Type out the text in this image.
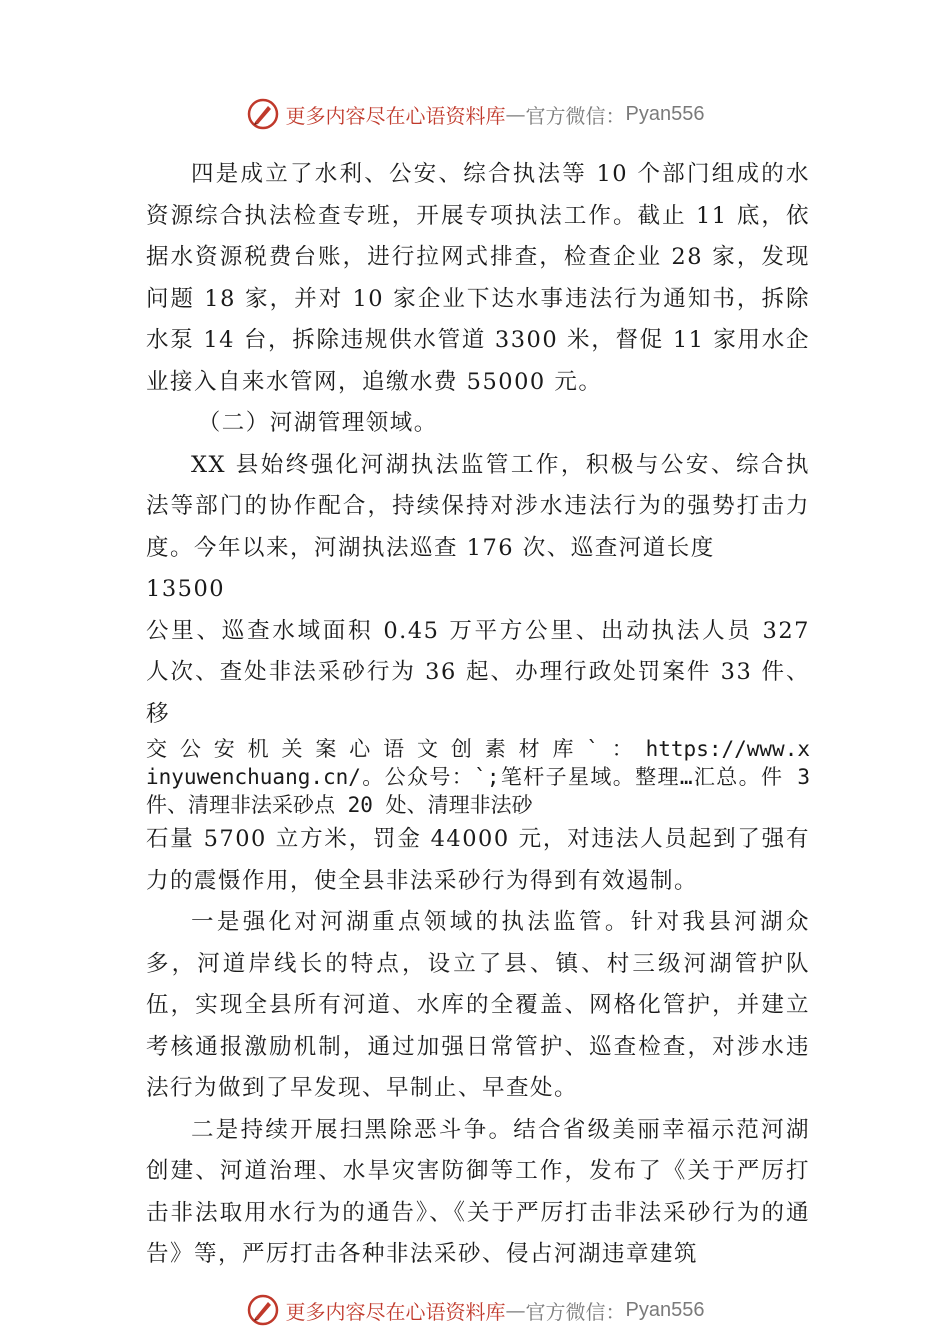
更多内容尽在心语资料库 — 官方微信： Pyan556

四是成立了水利、公安、综合执法等 10 个部门组成的水资源综合执法检查专班，开展专项执法工作。截止 11 底，依据水资源税费台账，进行拉网式排查，检查企业 28 家，发现问题 18 家，并对 10 家企业下达水事违法行为通知书，拆除水泵 14 台，拆除违规供水管道 3300 米，督促 11 家用水企业接入自来水管网，追缴水费 55000 元。

（二）河湖管理领域。

XX 县始终强化河湖执法监管工作，积极与公安、综合执法等部门的协作配合，持续保持对涉水违法行为的强势打击力度。今年以来，河湖执法巡查 176 次、巡查河道长度

13500

公里、巡查水域面积 0.45 万平方公里、出动执法人员 327 人次、查处非法采砂行为 36 起、办理行政处罚案件 33 件、移

交 公 安 机 关 案 心 语 文 创 素 材 库 ` ： https://www.xinyuwenchuang.cn/。公众号：`;笔杆子星域。整理…汇总。件 3 件、清理非法采砂点 20 处、清理非法砂

石量 5700 立方米，罚金 44000 元，对违法人员起到了强有力的震慑作用，使全县非法采砂行为得到有效遏制。

一是强化对河湖重点领域的执法监管。针对我县河湖众多，河道岸线长的特点，设立了县、镇、村三级河湖管护队伍，实现全县所有河道、水库的全覆盖、网格化管护，并建立考核通报激励机制，通过加强日常管护、巡查检查，对涉水违法行为做到了早发现、早制止、早查处。

二是持续开展扫黑除恶斗争。结合省级美丽幸福示范河湖创建、河道治理、水旱灾害防御等工作，发布了《关于严厉打击非法取用水行为的通告》、《关于严厉打击非法采砂行为的通告》等，严厉打击各种非法采砂、侵占河湖违章建筑

更多内容尽在心语资料库 — 官方微信： Pyan556
